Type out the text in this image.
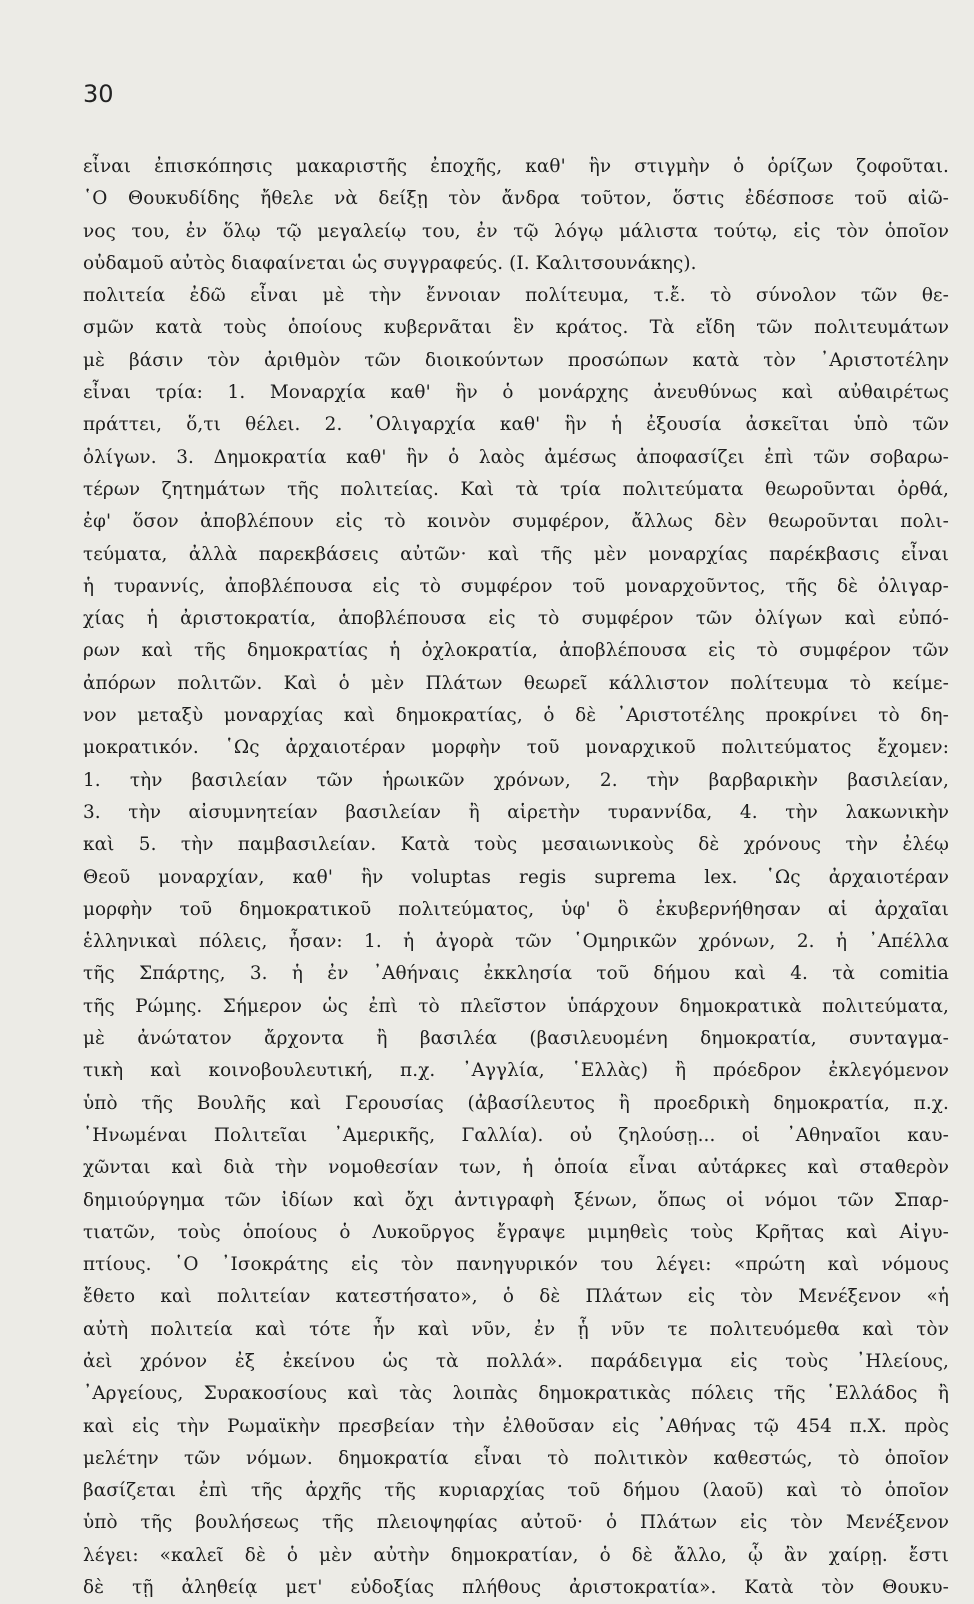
30
εἶναι ἐπισκόπησις μακαριστῆς ἐποχῆς, καθ' ἣν στιγμὴν ὁ ὁρίζων ζοφοῦται.
῾Ο Θουκυδίδης ἤθελε νὰ δείξῃ τὸν ἄνδρα τοῦτον, ὅστις ἐδέσποσε τοῦ αἰῶ-
νος του, ἐν ὅλῳ τῷ μεγαλείῳ του, ἐν τῷ λόγῳ μάλιστα τούτῳ, εἰς τὸν ὁποῖον
οὐδαμοῦ αὐτὸς διαφαίνεται ὡς συγγραφεύς. (Ι. Καλιτσουνάκης).
πολιτεία ἐδῶ εἶναι μὲ τὴν ἔννοιαν πολίτευμα, τ.ἔ. τὸ σύνολον τῶν θε-
σμῶν κατὰ τοὺς ὁποίους κυβερνᾶται ἓν κράτος. Τὰ εἴδη τῶν πολιτευμάτων
μὲ βάσιν τὸν ἀριθμὸν τῶν διοικούντων προσώπων κατὰ τὸν ᾿Αριστοτέλην
εἶναι τρία: 1. Μοναρχία καθ' ἣν ὁ μονάρχης ἀνευθύνως καὶ αὐθαιρέτως
πράττει, ὅ,τι θέλει. 2. ᾿Ολιγαρχία καθ' ἣν ἡ ἐξουσία ἀσκεῖται ὑπὸ τῶν
ὀλίγων. 3. Δημοκρατία καθ' ἣν ὁ λαὸς ἀμέσως ἀποφασίζει ἐπὶ τῶν σοβαρω-
τέρων ζητημάτων τῆς πολιτείας. Καὶ τὰ τρία πολιτεύματα θεωροῦνται ὀρθά,
ἐφ' ὅσον ἀποβλέπουν εἰς τὸ κοινὸν συμφέρον, ἄλλως δὲν θεωροῦνται πολι-
τεύματα, ἀλλὰ παρεκβάσεις αὐτῶν· καὶ τῆς μὲν μοναρχίας παρέκβασις εἶναι
ἡ τυραννίς, ἀποβλέπουσα εἰς τὸ συμφέρον τοῦ μοναρχοῦντος, τῆς δὲ ὀλιγαρ-
χίας ἡ ἀριστοκρατία, ἀποβλέπουσα εἰς τὸ συμφέρον τῶν ὀλίγων καὶ εὐπό-
ρων καὶ τῆς δημοκρατίας ἡ ὀχλοκρατία, ἀποβλέπουσα εἰς τὸ συμφέρον τῶν
ἀπόρων πολιτῶν. Καὶ ὁ μὲν Πλάτων θεωρεῖ κάλλιστον πολίτευμα τὸ κείμε-
νον μεταξὺ μοναρχίας καὶ δημοκρατίας, ὁ δὲ ᾿Αριστοτέλης προκρίνει τὸ δη-
μοκρατικόν. ῾Ως ἀρχαιοτέραν μορφὴν τοῦ μοναρχικοῦ πολιτεύματος ἔχομεν:
1. τὴν βασιλείαν τῶν ἡρωικῶν χρόνων, 2. τὴν βαρβαρικὴν βασιλείαν,
3. τὴν αἰσυμνητείαν βασιλείαν ἢ αἱρετὴν τυραννίδα, 4. τὴν λακωνικὴν
καὶ 5. τὴν παμβασιλείαν. Κατὰ τοὺς μεσαιωνικοὺς δὲ χρόνους τὴν ἐλέῳ
Θεοῦ μοναρχίαν, καθ' ἣν voluptas regis suprema lex. ῾Ως ἀρχαιοτέραν
μορφὴν τοῦ δημοκρατικοῦ πολιτεύματος, ὑφ' ὃ ἐκυβερνήθησαν αἱ ἀρχαῖαι
ἑλληνικαὶ πόλεις, ἦσαν: 1. ἡ ἀγορὰ τῶν ῾Ομηρικῶν χρόνων, 2. ἡ ᾿Απέλλα
τῆς Σπάρτης, 3. ἡ ἐν ᾿Αθήναις ἐκκλησία τοῦ δήμου καὶ 4. τὰ comitia
τῆς Ρώμης. Σήμερον ὡς ἐπὶ τὸ πλεῖστον ὑπάρχουν δημοκρατικὰ πολιτεύματα,
μὲ ἀνώτατον ἄρχοντα ἢ βασιλέα (βασιλευομένη δημοκρατία, συνταγμα-
τικὴ καὶ κοινοβουλευτική, π.χ. ᾿Αγγλία, ῾Ελλὰς) ἢ πρόεδρον ἐκλεγόμενον
ὑπὸ τῆς Βουλῆς καὶ Γερουσίας (ἀβασίλευτος ἢ προεδρικὴ δημοκρατία, π.χ.
῾Ηνωμέναι Πολιτεῖαι ᾿Αμερικῆς, Γαλλία). οὐ ζηλούσῃ... οἱ ᾿Αθηναῖοι καυ-
χῶνται καὶ διὰ τὴν νομοθεσίαν των, ἡ ὁποία εἶναι αὐτάρκες καὶ σταθερὸν
δημιούργημα τῶν ἰδίων καὶ ὄχι ἀντιγραφὴ ξένων, ὅπως οἱ νόμοι τῶν Σπαρ-
τιατῶν, τοὺς ὁποίους ὁ Λυκοῦργος ἔγραψε μιμηθεὶς τοὺς Κρῆτας καὶ Αἰγυ-
πτίους. ῾Ο ᾿Ισοκράτης εἰς τὸν πανηγυρικόν του λέγει: «πρώτη καὶ νόμους
ἔθετο καὶ πολιτείαν κατεστήσατο», ὁ δὲ Πλάτων εἰς τὸν Μενέξενον «ἡ
αὐτὴ πολιτεία καὶ τότε ἦν καὶ νῦν, ἐν ᾗ νῦν τε πολιτευόμεθα καὶ τὸν
ἀεὶ χρόνον ἐξ ἐκείνου ὡς τὰ πολλά». παράδειγμα εἰς τοὺς ᾿Ηλείους,
᾿Αργείους, Συρακοσίους καὶ τὰς λοιπὰς δημοκρατικὰς πόλεις τῆς ῾Ελλάδος ἢ
καὶ εἰς τὴν Ρωμαϊκὴν πρεσβείαν τὴν ἐλθοῦσαν εἰς ᾿Αθήνας τῷ 454 π.Χ. πρὸς
μελέτην τῶν νόμων. δημοκρατία εἶναι τὸ πολιτικὸν καθεστώς, τὸ ὁποῖον
βασίζεται ἐπὶ τῆς ἀρχῆς τῆς κυριαρχίας τοῦ δήμου (λαοῦ) καὶ τὸ ὁποῖον
ὑπὸ τῆς βουλήσεως τῆς πλειοψηφίας αὐτοῦ· ὁ Πλάτων εἰς τὸν Μενέξενον
λέγει: «καλεῖ δὲ ὁ μὲν αὐτὴν δημοκρατίαν, ὁ δὲ ἄλλο, ᾧ ἂν χαίρῃ. ἔστι
δὲ τῇ ἀληθείᾳ μετ' εὐδοξίας πλήθους ἀριστοκρατία». Κατὰ τὸν Θουκυ-
